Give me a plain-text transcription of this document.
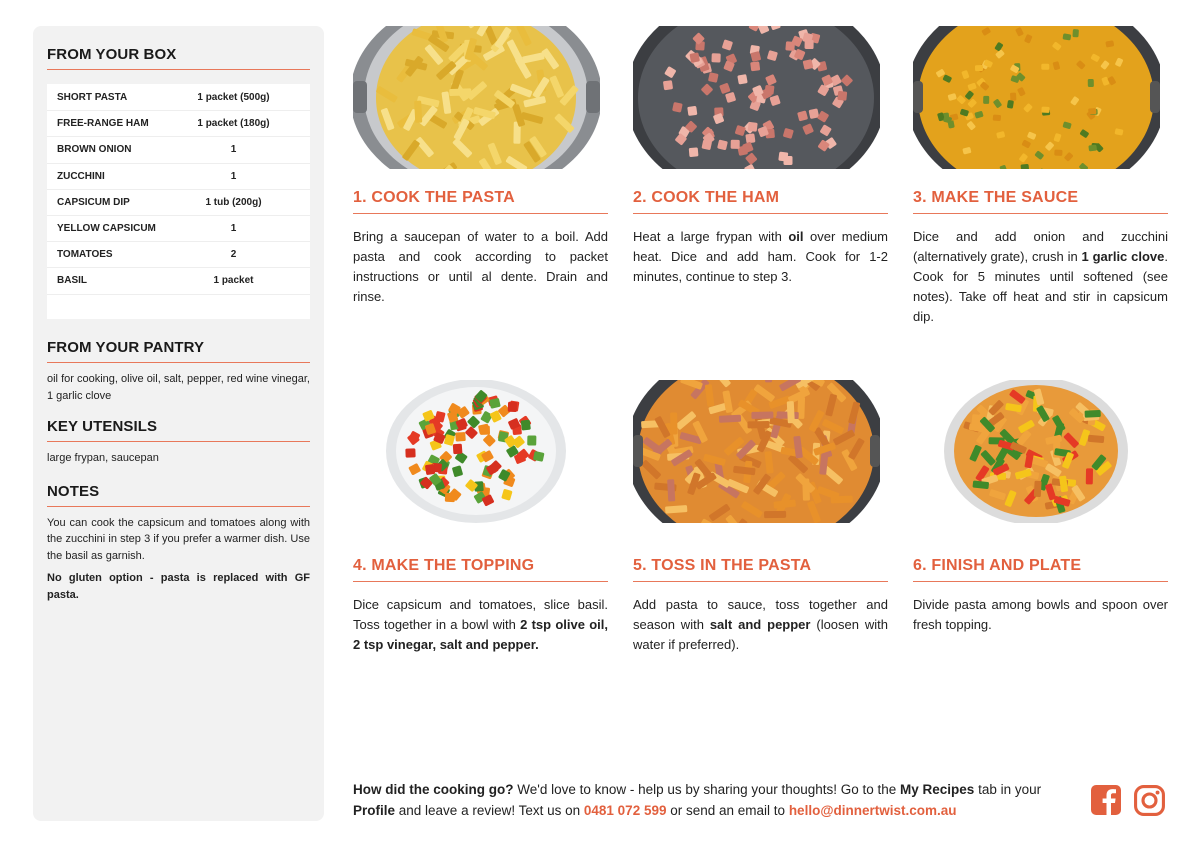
FROM YOUR BOX
SHORT PASTA	1 packet (500g)
FREE-RANGE HAM	1 packet (180g)
BROWN ONION	1
ZUCCHINI	1
CAPSICUM DIP	1 tub (200g)
YELLOW CAPSICUM	1
TOMATOES	2
BASIL	1 packet
FROM YOUR PANTRY
oil for cooking, olive oil, salt, pepper, red wine vinegar, 1 garlic clove
KEY UTENSILS
large frypan, saucepan
NOTES
You can cook the capsicum and tomatoes along with the zucchini in step 3 if you prefer a warmer dish. Use the basil as garnish.
No gluten option - pasta is replaced with GF pasta.
1. COOK THE PASTA
Bring a saucepan of water to a boil. Add pasta and cook according to packet instructions or until al dente. Drain and rinse.
2. COOK THE HAM
Heat a large frypan with oil over medium heat. Dice and add ham. Cook for 1-2 minutes, continue to step 3.
3. MAKE THE SAUCE
Dice and add onion and zucchini (alternatively grate), crush in 1 garlic clove. Cook for 5 minutes until softened (see notes). Take off heat and stir in capsicum dip.
4. MAKE THE TOPPING
Dice capsicum and tomatoes, slice basil. Toss together in a bowl with 2 tsp olive oil, 2 tsp vinegar, salt and pepper.
5. TOSS IN THE PASTA
Add pasta to sauce, toss together and season with salt and pepper (loosen with water if preferred).
6. FINISH AND PLATE
Divide pasta among bowls and spoon over fresh topping.
How did the cooking go? We'd love to know - help us by sharing your thoughts! Go to the My Recipes tab in your Profile and leave a review! Text us on 0481 072 599 or send an email to hello@dinnertwist.com.au
